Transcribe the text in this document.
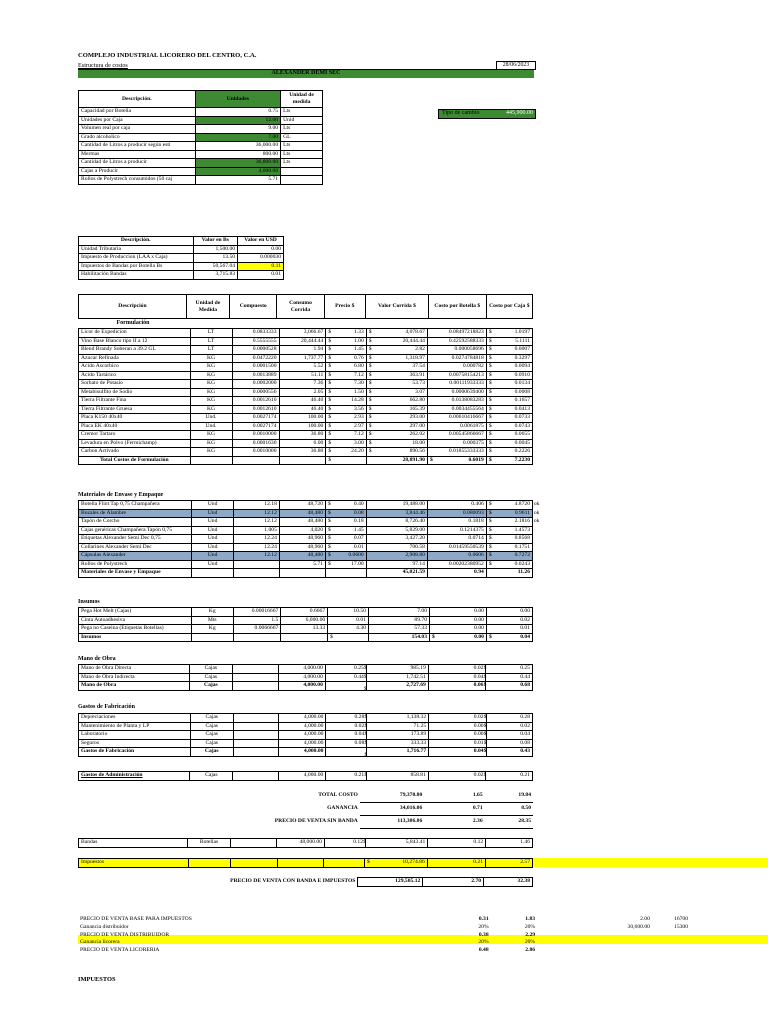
COMPLEJO INDUSTRIAL LICORERO DEL CENTRO, C.A.
Estructura de costos	28/06/2023
ALEXANDER DEMI SEC
Descripción.	Unidades	Unidad de medida
Capacidad por Botella	0.75	Lts
Unidades por Caja	12.00	Unid
Volumen real por caja	9.00	Lts
Grado alcoholico	7.00	GL
Cantidad de Litros a producir según esti	36,000.00	Lts
Mermas	800.00	Lts
Cantidad de Litros a producir	36,800.00	Lts
Cajas a Producir	4,000.00	
Rollos de Polystrech consumidos (50 caj	5.71	
Tipo de cambio	445,900.00
Descripción.	Valor en Bs	Valor en USD
Unidad Tributaria	1,500.00	0.00
Impuesto de Produccion (LAA x Caja)	13.50	0.000030
Impuestos de Bandas por Botella Bs	50,567.04	0.11
Habilitación Bandas	3,715.83	0.01
Descripción	Unidad de Medida	Compuesto	Consumo Corrida	Precio $	Valor Corrida $	Costo por Botella $	Costo por Caja $
Formulación
Licor de Expedicion	LT	0.0833333	3,066.67	$ 1.33	$ 4,078.67	0.08497218823	$ 1.0197
Vino Base Blanco tipo II a 12	LT	0.5555555	20,444.44	$ 1.00	$ 20,444.44	0.42592588333	$ 5.1111
Blend Brandy Soberan a 39.2 GL	LT	0.0000528	1.94	$ 1.45	$ 2.82	0.000058696	$ 0.0007
Azucar Refinada	KG	0.0472220	1,737.77	$ 0.76	$ 1,318.97	0.0274784818	$ 0.3297
Acido Ascorbico	KG	0.0001500	5.52	$ 6.80	$ 37.54	0.000782	$ 0.0094
Acido Tartárico	KG	0.0013889	51.11	$ 7.12	$ 363.91	0.00758154213	$ 0.0910
Sorbato de Potasio	KG	0.0002000	7.36	$ 7.30	$ 53.73	0.00111933333	$ 0.0134
Metabisulfito de Sodio	KG	0.0000556	2.05	$ 1.50	$ 3.07	0.0000639400	$ 0.0008
Tierra Filtrante Fina	KG	0.0012610	46.40	$ 14.28	$ 662.80	0.0138083283	$ 0.1657
Tierra Filtrante Gruesa	KG	0.0012610	46.40	$ 3.56	$ 165.39	0.0034455564	$ 0.0413
Placa K150 40x40	Und.	0.0027174	100.00	$ 2.93	$ 293.00	0.00610416667	$ 0.0733
Placa EK 40x40	Und.	0.0027174	100.00	$ 2.97	$ 297.00	0.0061875	$ 0.0743
Cremor Tartaro	KG	0.0010000	36.80	$ 7.12	$ 262.02	0.00545866667	$ 0.0655
Levadura en Polvo (Fermichamp)	KG	0.0001630	6.00	$ 3.00	$ 18.00	0.000375	$ 0.0045
Carbon Activado	KG	0.0010000	36.80	$ 24.20	$ 890.56	0.01855333333	$ 0.2226
Total Costos de Formulación				$	28,891.90	$ 0.6019	$ 7.2230
Materiales de Envase y Empaque
Botella Flint Tap 0,75 Champañera	Und	12.18	48,720	$ 0.40	19,488.00	0.406	$ 4.8720 ok

Bozales de Alambre	Und	12.12	48,480	$ 0.08	3,844.46	0.080093	$ 0.9611 ok

Tapón de Corcho	Und	12.12	48,480	$ 0.18	8,726.40	0.1818	$ 2.1816 ok

Cajas genéricas Champañera Tapón 0,75	Und	1.005	4,020	$ 1.45	5,829.00	0.1214375	$ 1.4573
Etiquetas Alexander Semi Dec 0,75	Und	12.24	48,960	$ 0.07	3,427.20	0.0714	$ 0.8568
Collarines Alexander Semi Dec	Und	12.24	48,960	$ 0.01	700.58	0.01459550539	$ 0.1751
Cápsulas Alexander	Und	12.12	48,480	$ 0.0600	2,908.80	0.0606	$ 0.7272
Rollos de Polystrech	Und		5.71	$ 17.00	97.14	0.00202380952	$ 0.0243
Materiales de Envase y Empaque					45,021.59	0.94	11.26
Insumos
Pega Hot Melt (Cajas)	Kg	0.00016667	0.6667	10.50	7.00	0.00	0.00
Cinta Autoadhesiva	Mts	1.5	6,000.00	0.01	89.70	0.00	0.02
Pega no Caseina (Etiquetas Botellas)	Kg	0.0066667	13.33	4.30	57.33	0.00	0.01
Insumos				$	154.03	$ 0.00	$ 0.04
Mano de Obra
Mano de Obra Directa	Cajas		4,000.00	0.25 $	985.19	0.02 $	0.25
Mano de Obra Indirecta	Cajas		4,000.00	0.44 $	1,742.51	0.04 $	0.44
Mano de Obra	Cajas		4,000.00	$	2,727.69	0.06 $	0.68
Gastos de Fabricación
Depreciaciones	Cajas		4,000.00	0.28 $	1,138.32	0.02 $	0.28
Mantenimiento de Planta y LP	Cajas		4,000.00	0.02 $	71.25	0.00 $	0.02
Laboratorio	Cajas		4,000.00	0.04 $	173.89	0.00 $	0.04
Seguros	Cajas		4,000.00	0.08 $	333.33	0.01 $	0.08
Gastos de Fabricación	Cajas		4,000.00	$	1,716.77	0.04 $	0.43
Gastos de Administración	Cajas		4,000.00	0.21 $	858.81	0.02 $	0.21
TOTAL COSTO	79,370.80	1.65	19.84
GANANCIA	34,016.06	0.71	8.50
PRECIO DE VENTA SIN BANDA	113,386.86	2.36	28.35
Bandas	Botellas		48,000.00	0.12 $	5,843.41	0.12	1.46
Impuestos					$	10,274.86	0.21	2.57
PRECIO DE VENTA CON BANDA E IMPUESTOS	129,505.12	2.70	32.38
PRECIO DE VENTA BASE PARA IMPUESTOS	0.31	1.83	2.00	16700
Ganancia distribuidor	20%	20%	30,600.00	15300
PRECIO DE VENTA DISTRIBUIDOR	0.38	2.29		
Ganancia licorera	20%	20%		
PRECIO DE VENTA LICORERIA	0.48	2.86		
IMPUESTOS
